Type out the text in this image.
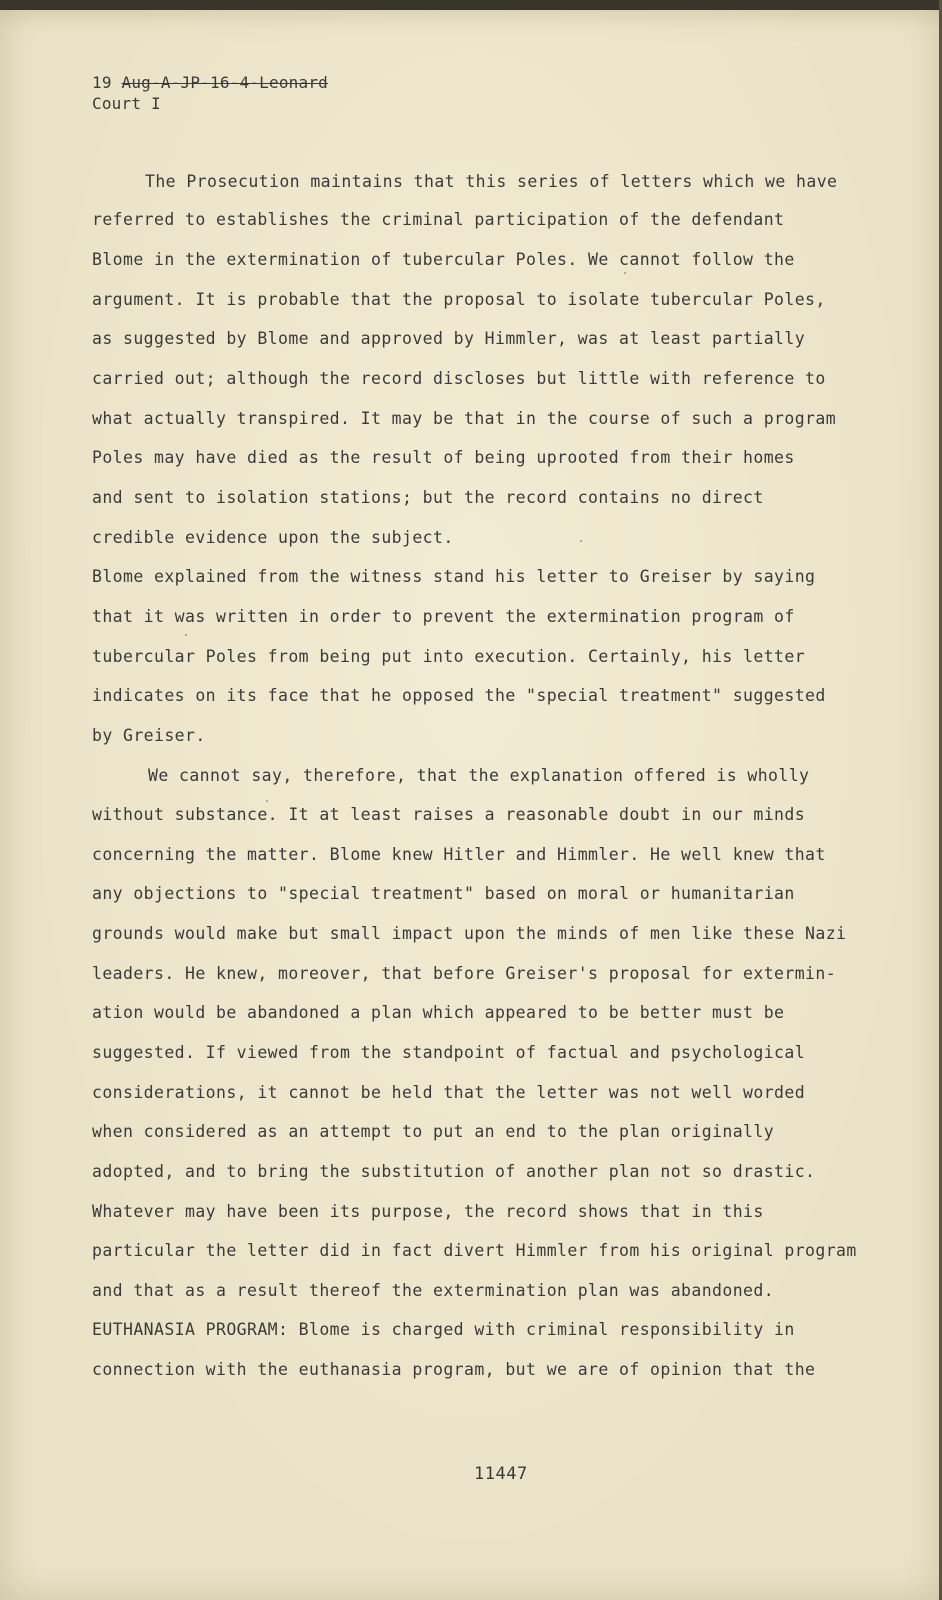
19 Aug-A-JP-16-4-Leonard
Court I
The Prosecution maintains that this series of letters which we have
referred to establishes the criminal participation of the defendant
Blome in the extermination of tubercular Poles. We cannot follow the
argument. It is probable that the proposal to isolate tubercular Poles,
as suggested by Blome and approved by Himmler, was at least partially
carried out; although the record discloses but little with reference to
what actually transpired. It may be that in the course of such a program
Poles may have died as the result of being uprooted from their homes
and sent to isolation stations; but the record contains no direct
credible evidence upon the subject.
Blome explained from the witness stand his letter to Greiser by saying
that it was written in order to prevent the extermination program of
tubercular Poles from being put into execution. Certainly, his letter
indicates on its face that he opposed the "special treatment" suggested
by Greiser.
We cannot say, therefore, that the explanation offered is wholly
without substance. It at least raises a reasonable doubt in our minds
concerning the matter. Blome knew Hitler and Himmler. He well knew that
any objections to "special treatment" based on moral or humanitarian
grounds would make but small impact upon the minds of men like these Nazi
leaders. He knew, moreover, that before Greiser's proposal for extermin-
ation would be abandoned a plan which appeared to be better must be
suggested. If viewed from the standpoint of factual and psychological
considerations, it cannot be held that the letter was not well worded
when considered as an attempt to put an end to the plan originally
adopted, and to bring the substitution of another plan not so drastic.
Whatever may have been its purpose, the record shows that in this
particular the letter did in fact divert Himmler from his original program
and that as a result thereof the extermination plan was abandoned.
EUTHANASIA PROGRAM: Blome is charged with criminal responsibility in
connection with the euthanasia program, but we are of opinion that the
11447
